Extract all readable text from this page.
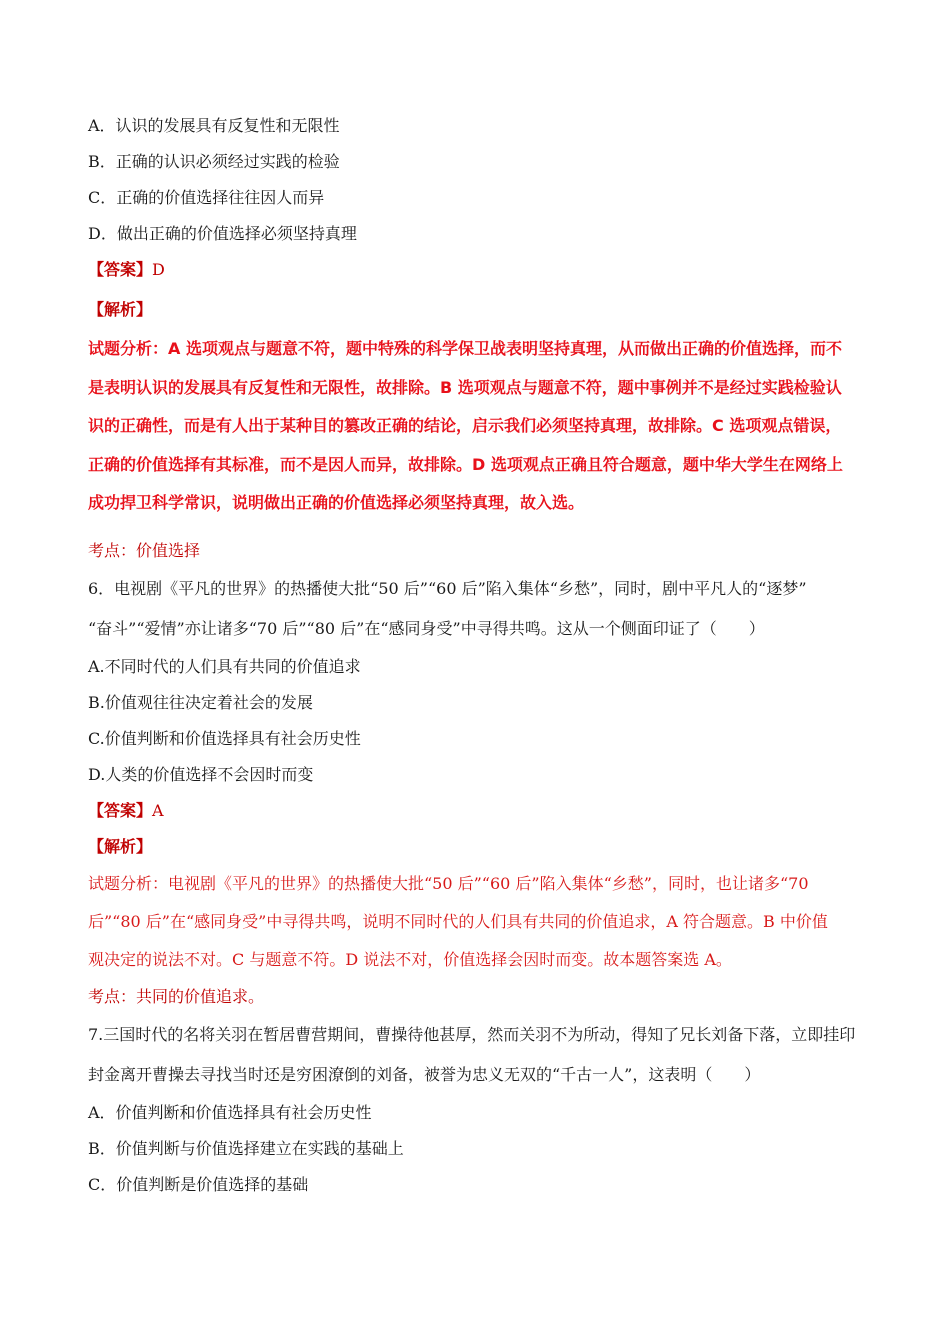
A．认识的发展具有反复性和无限性
B．正确的认识必须经过实践的检验
C．正确的价值选择往往因人而异
D．做出正确的价值选择必须坚持真理
【答案】D
【解析】
试题分析：A 选项观点与题意不符，题中特殊的科学保卫战表明坚持真理，从而做出正确的价值选择，而不
是表明认识的发展具有反复性和无限性，故排除。B 选项观点与题意不符，题中事例并不是经过实践检验认
识的正确性，而是有人出于某种目的篡改正确的结论，启示我们必须坚持真理，故排除。C 选项观点错误，
正确的价值选择有其标准，而不是因人而异，故排除。D 选项观点正确且符合题意，题中华大学生在网络上
成功捍卫科学常识，说明做出正确的价值选择必须坚持真理，故入选。
考点：价值选择
6．电视剧《平凡的世界》的热播使大批“50 后”“60 后”陷入集体“乡愁”，同时，剧中平凡人的“逐梦”
“奋斗”“爱情”亦让诸多“70 后”“80 后”在“感同身受”中寻得共鸣。这从一个侧面印证了（　　）
A.不同时代的人们具有共同的价值追求
B.价值观往往决定着社会的发展
C.价值判断和价值选择具有社会历史性
D.人类的价值选择不会因时而变
【答案】A
【解析】
试题分析：电视剧《平凡的世界》的热播使大批“50 后”“60 后”陷入集体“乡愁”，同时，也让诸多“70
后”“80 后”在“感同身受”中寻得共鸣，说明不同时代的人们具有共同的价值追求，A 符合题意。B 中价值
观决定的说法不对。C 与题意不符。D 说法不对，价值选择会因时而变。故本题答案选 A。
考点：共同的价值追求。
7.三国时代的名将关羽在暂居曹营期间，曹操待他甚厚，然而关羽不为所动，得知了兄长刘备下落，立即挂印
封金离开曹操去寻找当时还是穷困潦倒的刘备，被誉为忠义无双的“千古一人”，这表明（　　）
A．价值判断和价值选择具有社会历史性
B．价值判断与价值选择建立在实践的基础上
C．价值判断是价值选择的基础
